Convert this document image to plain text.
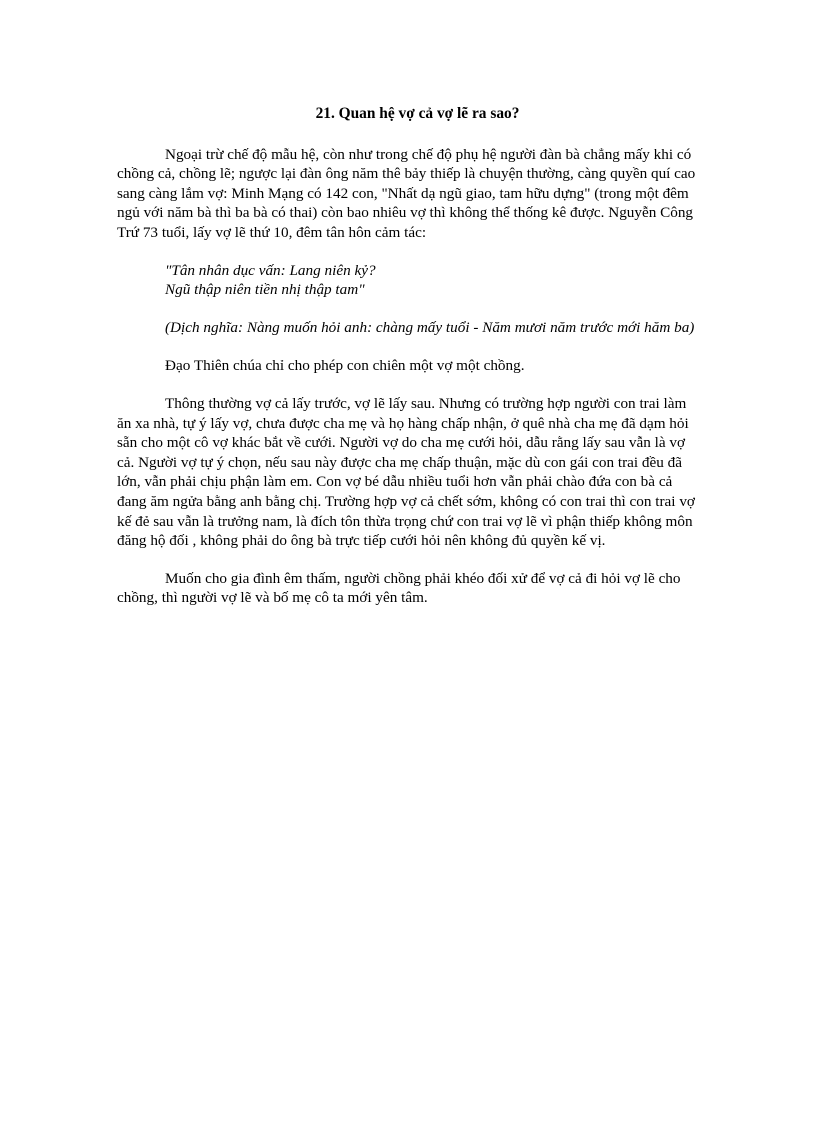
21. Quan hệ vợ cả vợ lẽ ra sao?

Ngoại trừ chế độ mẫu hệ, còn như trong chế độ phụ hệ người đàn bà chẳng mấy khi có chồng cả, chồng lẽ; ngược lại đàn ông năm thê bảy thiếp là chuyện thường, càng quyền quí cao sang càng lắm vợ: Minh Mạng có 142 con, "Nhất dạ ngũ giao, tam hữu dựng" (trong một đêm ngủ với năm bà thì ba bà có thai) còn bao nhiêu vợ thì không thể thống kê được. Nguyễn Công Trứ 73 tuổi, lấy vợ lẽ thứ 10, đêm tân hôn cảm tác:

"Tân nhân dục vấn: Lang niên kỷ?
Ngũ thập niên tiền nhị thập tam"

(Dịch nghĩa: Nàng muốn hỏi anh: chàng mấy tuổi - Năm mươi năm trước mới hăm ba)

Đạo Thiên chúa chỉ cho phép con chiên một vợ một chồng.

Thông thường vợ cả lấy trước, vợ lẽ lấy sau. Nhưng có trường hợp người con trai làm ăn xa nhà, tự ý lấy vợ, chưa được cha mẹ và họ hàng chấp nhận, ở quê nhà cha mẹ đã dạm hỏi sẵn cho một cô vợ khác bắt về cưới. Người vợ do cha mẹ cưới hỏi, dẫu rằng lấy sau vẫn là vợ cả. Người vợ tự ý chọn, nếu sau này được cha mẹ chấp thuận, mặc dù con gái con trai đều đã lớn, vẫn phải chịu phận làm em. Con vợ bé dẫu nhiều tuổi hơn vẫn phải chào đứa con bà cả đang ăm ngửa bằng anh bằng chị. Trường hợp vợ cả chết sớm, không có con trai thì con trai vợ kế đẻ sau vẫn là trưởng nam, là đích tôn thừa trọng chứ con trai vợ lẽ vì phận thiếp không môn đăng hộ đối , không phải do ông bà trực tiếp cưới hỏi nên không đủ quyền kế vị.

Muốn cho gia đình êm thấm, người chồng phải khéo đối xử để vợ cả đi hỏi vợ lẽ cho chồng, thì người vợ lẽ và bố mẹ cô ta mới yên tâm.
